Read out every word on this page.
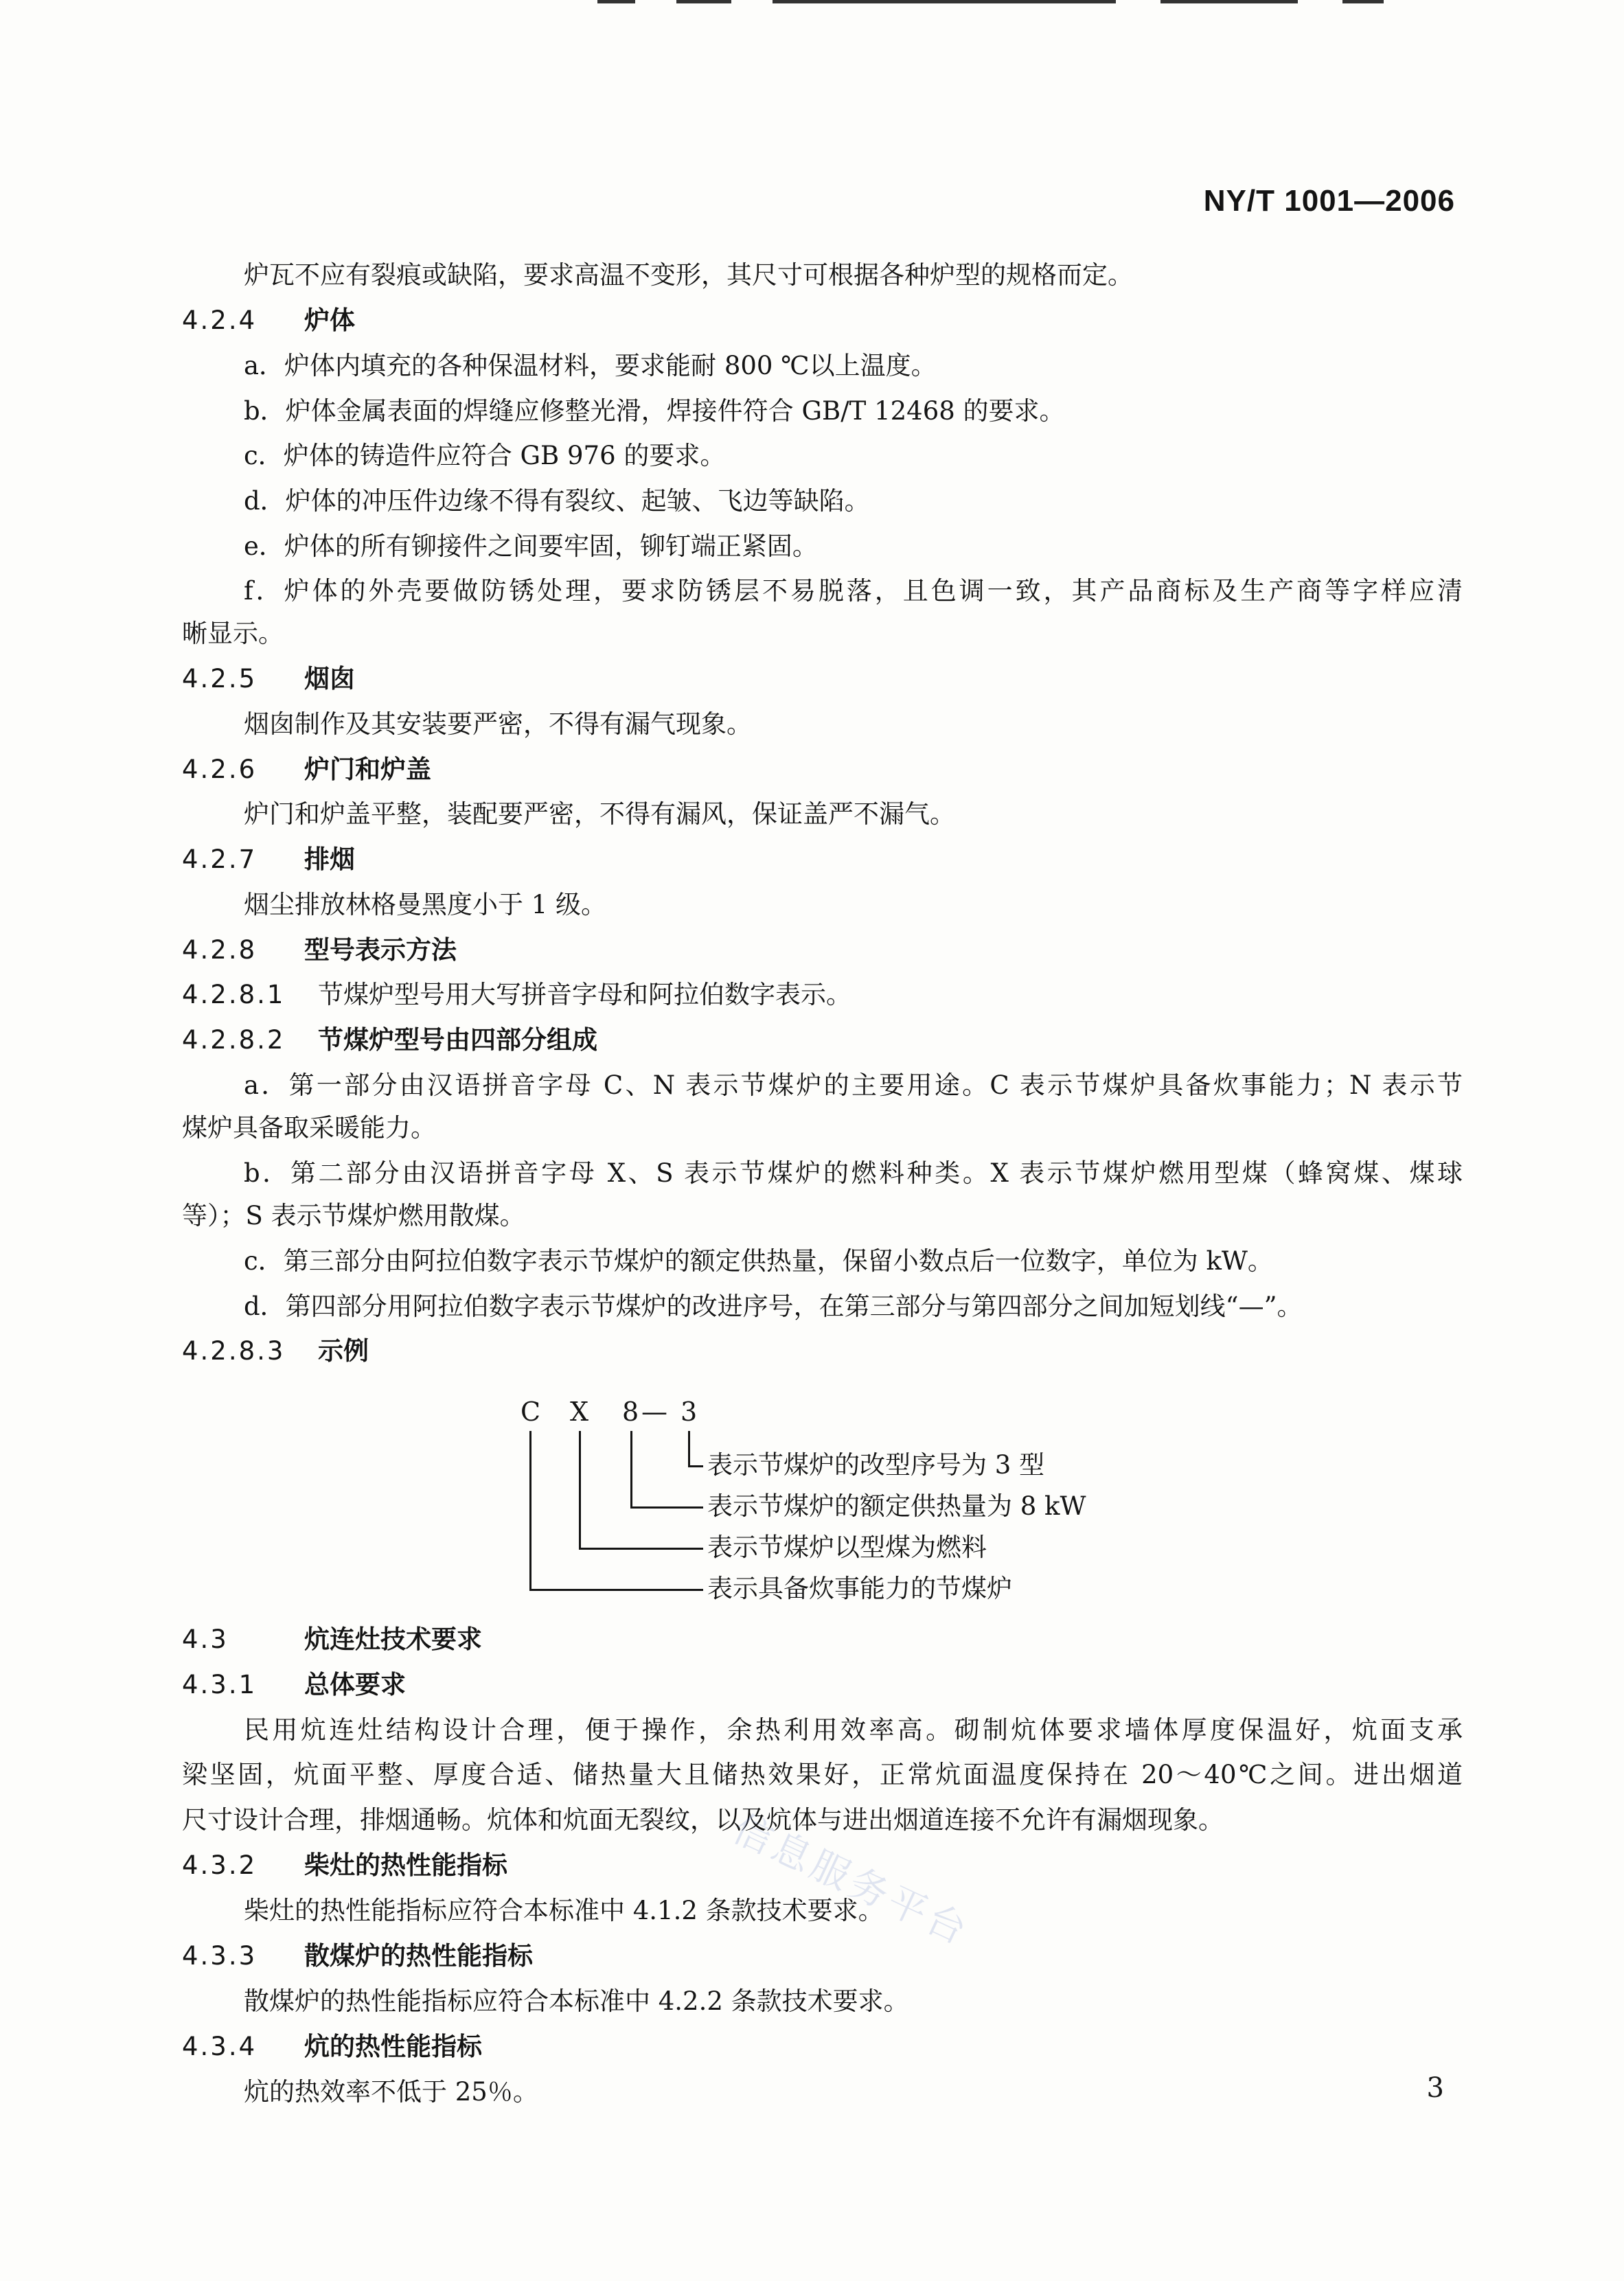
NY/T 1001—2006
炉瓦不应有裂痕或缺陷，要求高温不变形，其尺寸可根据各种炉型的规格而定。
4.2.4 炉体
a．炉体内填充的各种保温材料，要求能耐 800 ℃以上温度。
b．炉体金属表面的焊缝应修整光滑，焊接件符合 GB/T 12468 的要求。
c．炉体的铸造件应符合 GB 976 的要求。
d．炉体的冲压件边缘不得有裂纹、起皱、飞边等缺陷。
e．炉体的所有铆接件之间要牢固，铆钉端正紧固。
f．炉体的外壳要做防锈处理，要求防锈层不易脱落，且色调一致，其产品商标及生产商等字样应清
晰显示。
4.2.5 烟囱
烟囱制作及其安装要严密，不得有漏气现象。
4.2.6 炉门和炉盖
炉门和炉盖平整，装配要严密，不得有漏风，保证盖严不漏气。
4.2.7 排烟
烟尘排放林格曼黑度小于 1 级。
4.2.8 型号表示方法
4.2.8.1 节煤炉型号用大写拼音字母和阿拉伯数字表示。
4.2.8.2 节煤炉型号由四部分组成
a．第一部分由汉语拼音字母 C、N 表示节煤炉的主要用途。C 表示节煤炉具备炊事能力；N 表示节
煤炉具备取采暖能力。
b．第二部分由汉语拼音字母 X、S 表示节煤炉的燃料种类。X 表示节煤炉燃用型煤（蜂窝煤、煤球
等）；S 表示节煤炉燃用散煤。
c．第三部分由阿拉伯数字表示节煤炉的额定供热量，保留小数点后一位数字，单位为 kW。
d．第四部分用阿拉伯数字表示节煤炉的改进序号，在第三部分与第四部分之间加短划线“—”。
4.2.8.3 示例
4.3	炕连灶技术要求
4.3.1 总体要求
民用炕连灶结构设计合理，便于操作，余热利用效率高。砌制炕体要求墙体厚度保温好，炕面支承
梁坚固，炕面平整、厚度合适、储热量大且储热效果好，正常炕面温度保持在 20～40℃之间。进出烟道
尺寸设计合理，排烟通畅。炕体和炕面无裂纹，以及炕体与进出烟道连接不允许有漏烟现象。
4.3.2 柴灶的热性能指标
柴灶的热性能指标应符合本标准中 4.1.2 条款技术要求。
4.3.3 散煤炉的热性能指标
散煤炉的热性能指标应符合本标准中 4.2.2 条款技术要求。
4.3.4 炕的热性能指标
炕的热效率不低于 25％。
C X 8 — 3
表示节煤炉的改型序号为 3 型
表示节煤炉的额定供热量为 8 kW
表示节煤炉以型煤为燃料
表示具备炊事能力的节煤炉
信息服务平台
3
